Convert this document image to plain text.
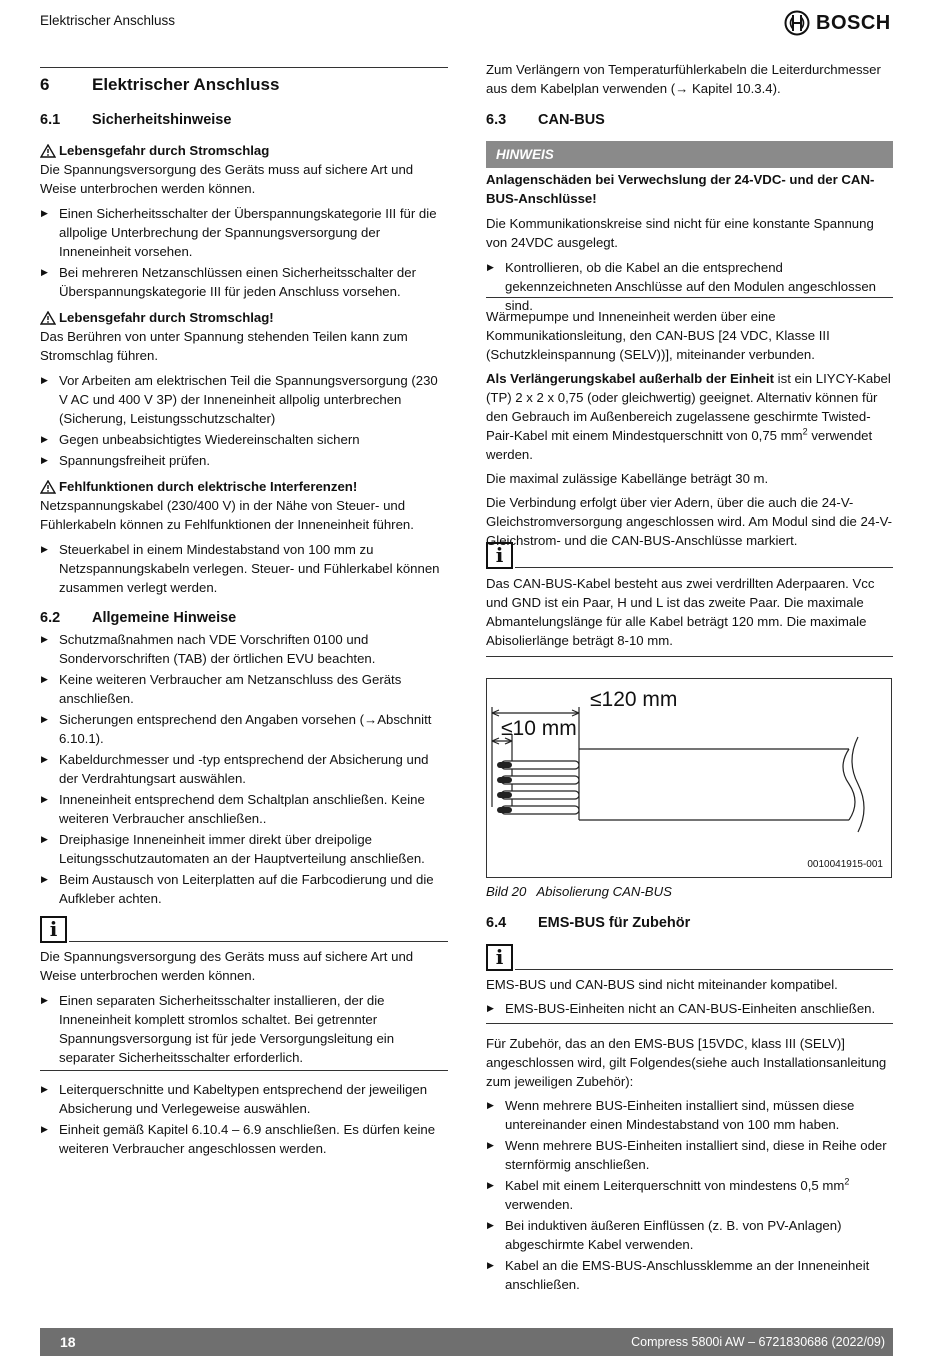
Elektrischer Anschluss	BOSCH
6	Elektrischer Anschluss
6.1 Sicherheitshinweise
Lebensgefahr durch Stromschlag

Die Spannungsversorgung des Geräts muss auf sichere Art und Weise unterbrochen werden können.

▶ Einen Sicherheitsschalter der Überspannungskategorie III für die allpolige Unterbrechung der Spannungsversorgung der Inneneinheit vorsehen.
▶ Bei mehreren Netzanschlüssen einen Sicherheitsschalter der Überspannungskategorie III für jeden Anschluss vorsehen.
Lebensgefahr durch Stromschlag!

Das Berühren von unter Spannung stehenden Teilen kann zum Stromschlag führen.

▶ Vor Arbeiten am elektrischen Teil die Spannungsversorgung (230 V AC und 400 V 3P) der Inneneinheit allpolig unterbrechen (Sicherung, Leistungsschutzschalter)
▶ Gegen unbeabsichtigtes Wiedereinschalten sichern
▶ Spannungsfreiheit prüfen.
Fehlfunktionen durch elektrische Interferenzen!

Netzspannungskabel (230/400 V) in der Nähe von Steuer- und Fühlerkabeln können zu Fehlfunktionen der Inneneinheit führen.

▶ Steuerkabel in einem Mindestabstand von 100 mm zu Netzspannungskabeln verlegen. Steuer- und Fühlerkabel können zusammen verlegt werden.
6.2 Allgemeine Hinweise
▶ Schutzmaßnahmen nach VDE Vorschriften 0100 und Sondervorschriften (TAB) der örtlichen EVU beachten.
▶ Keine weiteren Verbraucher am Netzanschluss des Geräts anschließen.
▶ Sicherungen entsprechend den Angaben vorsehen (→Abschnitt 6.10.1).
▶ Kabeldurchmesser und -typ entsprechend der Absicherung und der Verdrahtungsart auswählen.
▶ Inneneinheit entsprechend dem Schaltplan anschließen. Keine weiteren Verbraucher anschließen..
▶ Dreiphasige Inneneinheit immer direkt über dreipolige Leitungsschutzautomaten an der Hauptverteilung anschließen.
▶ Beim Austausch von Leiterplatten auf die Farbcodierung und die Aufkleber achten.
i

Die Spannungsversorgung des Geräts muss auf sichere Art und Weise unterbrochen werden können.

▶ Einen separaten Sicherheitsschalter installieren, der die Inneneinheit komplett stromlos schaltet. Bei getrennter Spannungsversorgung ist für jede Versorgungsleitung ein separater Sicherheitsschalter erforderlich.
▶ Leiterquerschnitte und Kabeltypen entsprechend der jeweiligen Absicherung und Verlegeweise auswählen.
▶ Einheit gemäß Kapitel 6.10.4 – 6.9 anschließen. Es dürfen keine weiteren Verbraucher angeschlossen werden.

Zum Verlängern von Temperaturfühlerkabeln die Leiterdurchmesser aus dem Kabelplan verwenden (→ Kapitel 10.3.4).

6.3 CAN-BUS
HINWEIS

Anlagenschäden bei Verwechslung der 24-VDC- und der CAN-BUS-Anschlüsse!

Die Kommunikationskreise sind nicht für eine konstante Spannung von 24VDC ausgelegt.

▶ Kontrollieren, ob die Kabel an die entsprechend gekennzeichneten Anschlüsse auf den Modulen angeschlossen sind.

Wärmepumpe und Inneneinheit werden über eine Kommunikationsleitung, den CAN-BUS [24 VDC, Klasse III (Schutzkleinspannung (SELV))], miteinander verbunden.

Als Verlängerungskabel außerhalb der Einheit ist ein LIYCY-Kabel (TP) 2 x 2 x 0,75 (oder gleichwertig) geeignet. Alternativ können für den Gebrauch im Außenbereich zugelassene geschirmte Twisted-Pair-Kabel mit einem Mindestquerschnitt von 0,75 $mm^2$ verwendet werden.

Die maximal zulässige Kabellänge beträgt 30 m.

Die Verbindung erfolgt über vier Adern, über die auch die 24-V-Gleichstromversorgung angeschlossen wird. Am Modul sind die 24-V-Gleichstrom- und die CAN-BUS-Anschlüsse markiert.

i

Das CAN-BUS-Kabel besteht aus zwei verdrillten Aderpaaren. Vcc und GND ist ein Paar, H und L ist das zweite Paar. Die maximale Abmantelungslänge für alle Kabel beträgt 120 mm. Die maximale Abisolierlänge beträgt 8-10 mm.

≤120 mm
≤10 mm
0010041915-001
Bild 20 Abisolierung CAN-BUS
6.4 EMS-BUS für Zubehör
i

EMS-BUS und CAN-BUS sind nicht miteinander kompatibel.

▶ EMS-BUS-Einheiten nicht an CAN-BUS-Einheiten anschließen.

Für Zubehör, das an den EMS-BUS [15VDC, klass III (SELV)] angeschlossen wird, gilt Folgendes(siehe auch Installationsanleitung zum jeweiligen Zubehör):

▶ Wenn mehrere BUS-Einheiten installiert sind, müssen diese untereinander einen Mindestabstand von 100 mm haben.
▶ Wenn mehrere BUS-Einheiten installiert sind, diese in Reihe oder sternförmig anschließen.
▶ Kabel mit einem Leiterquerschnitt von mindestens 0,5 $mm^2$ verwenden.
▶ Bei induktiven äußeren Einflüssen (z. B. von PV-Anlagen) abgeschirmte Kabel verwenden.
▶ Kabel an die EMS-BUS-Anschlussklemme an der Inneneinheit anschließen.
18	Compress 5800i AW – 6721830686 (2022/09)
